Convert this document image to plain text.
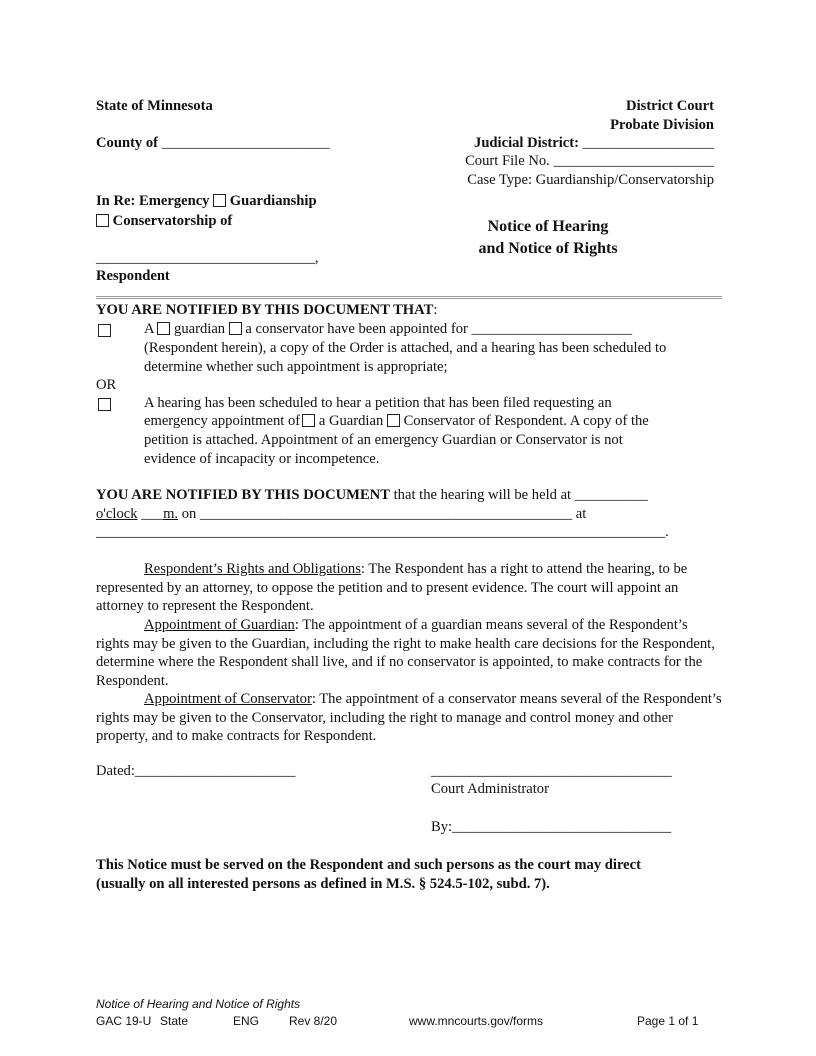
State of Minnesota
County of _______________________
District Court
Probate Division
Judicial District: __________________
Court File No. ______________________
Case Type: Guardianship/Conservatorship
In Re: Emergency Guardianship
Conservatorship of
______________________________,
Respondent
Notice of Hearing
and Notice of Rights
YOU ARE NOTIFIED BY THIS DOCUMENT THAT:
A guardian a conservator have been appointed for ______________________
(Respondent herein), a copy of the Order is attached, and a hearing has been scheduled to
determine whether such appointment is appropriate;
OR
A hearing has been scheduled to hear a petition that has been filed requesting an
emergency appointment of a Guardian Conservator of Respondent. A copy of the
petition is attached. Appointment of an emergency Guardian or Conservator is not
evidence of incapacity or incompetence.
YOU ARE NOTIFIED BY THIS DOCUMENT that the hearing will be held at __________
o'clock ___m. on ___________________________________________________ at
______________________________________________________________________________.
Respondent’s Rights and Obligations: The Respondent has a right to attend the hearing, to be represented by an attorney, to oppose the petition and to present evidence. The court will appoint an attorney to represent the Respondent.
Appointment of Guardian: The appointment of a guardian means several of the Respondent’s rights may be given to the Guardian, including the right to make health care decisions for the Respondent, determine where the Respondent shall live, and if no conservator is appointed, to make contracts for the Respondent.
Appointment of Conservator: The appointment of a conservator means several of the Respondent’s rights may be given to the Conservator, including the right to manage and control money and other property, and to make contracts for Respondent.
Dated:______________________	_________________________________
Court Administrator
By:______________________________
This Notice must be served on the Respondent and such persons as the court may direct
(usually on all interested persons as defined in M.S. § 524.5-102, subd. 7).
Notice of Hearing and Notice of Rights
GAC 19-U State	ENG Rev 8/20	www.mncourts.gov/forms	Page 1 of 1
